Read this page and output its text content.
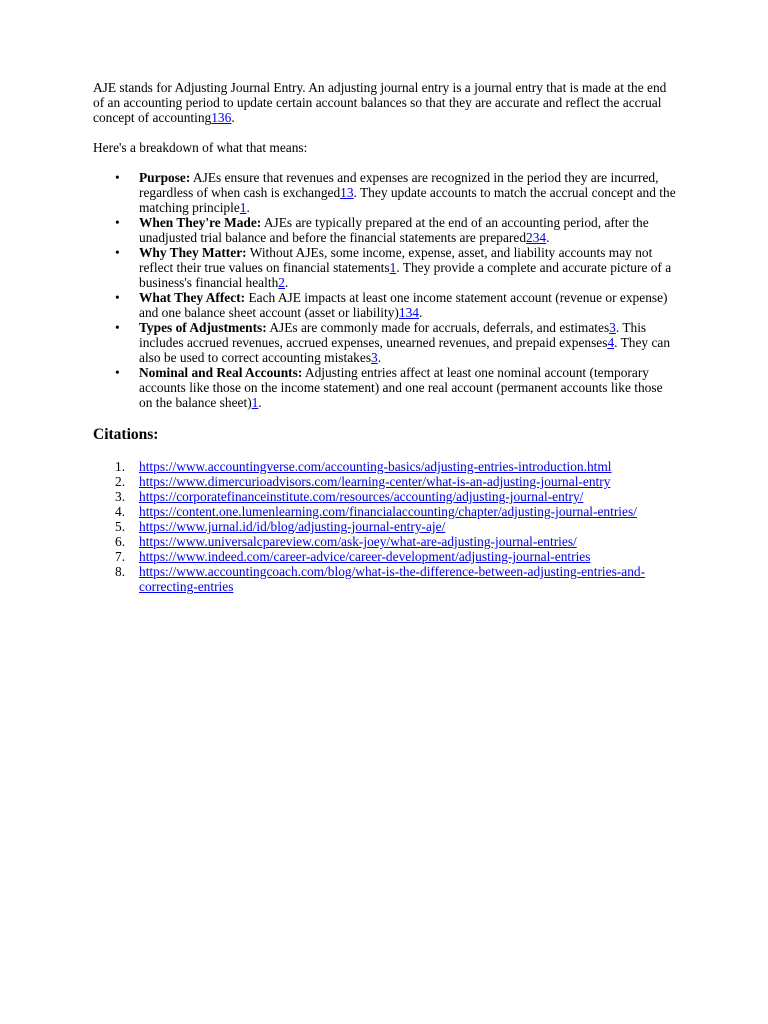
AJE stands for Adjusting Journal Entry. An adjusting journal entry is a journal entry that is made at the end of an accounting period to update certain account balances so that they are accurate and reflect the accrual concept of accounting136.

Here's a breakdown of what that means:

• Purpose: AJEs ensure that revenues and expenses are recognized in the period they are incurred, regardless of when cash is exchanged13. They update accounts to match the accrual concept and the matching principle1.
• When They're Made: AJEs are typically prepared at the end of an accounting period, after the unadjusted trial balance and before the financial statements are prepared234.
• Why They Matter: Without AJEs, some income, expense, asset, and liability accounts may not reflect their true values on financial statements1. They provide a complete and accurate picture of a business's financial health2.
• What They Affect: Each AJE impacts at least one income statement account (revenue or expense) and one balance sheet account (asset or liability)134.
• Types of Adjustments: AJEs are commonly made for accruals, deferrals, and estimates3. This includes accrued revenues, accrued expenses, unearned revenues, and prepaid expenses4. They can also be used to correct accounting mistakes3.
• Nominal and Real Accounts: Adjusting entries affect at least one nominal account (temporary accounts like those on the income statement) and one real account (permanent accounts like those on the balance sheet)1.
Citations:
1. https://www.accountingverse.com/accounting-basics/adjusting-entries-introduction.html
2. https://www.dimercurioadvisors.com/learning-center/what-is-an-adjusting-journal-entry
3. https://corporatefinanceinstitute.com/resources/accounting/adjusting-journal-entry/
4. https://content.one.lumenlearning.com/financialaccounting/chapter/adjusting-journal-entries/
5. https://www.jurnal.id/id/blog/adjusting-journal-entry-aje/
6. https://www.universalcpareview.com/ask-joey/what-are-adjusting-journal-entries/
7. https://www.indeed.com/career-advice/career-development/adjusting-journal-entries
8. https://www.accountingcoach.com/blog/what-is-the-difference-between-adjusting-entries-and-correcting-entries
